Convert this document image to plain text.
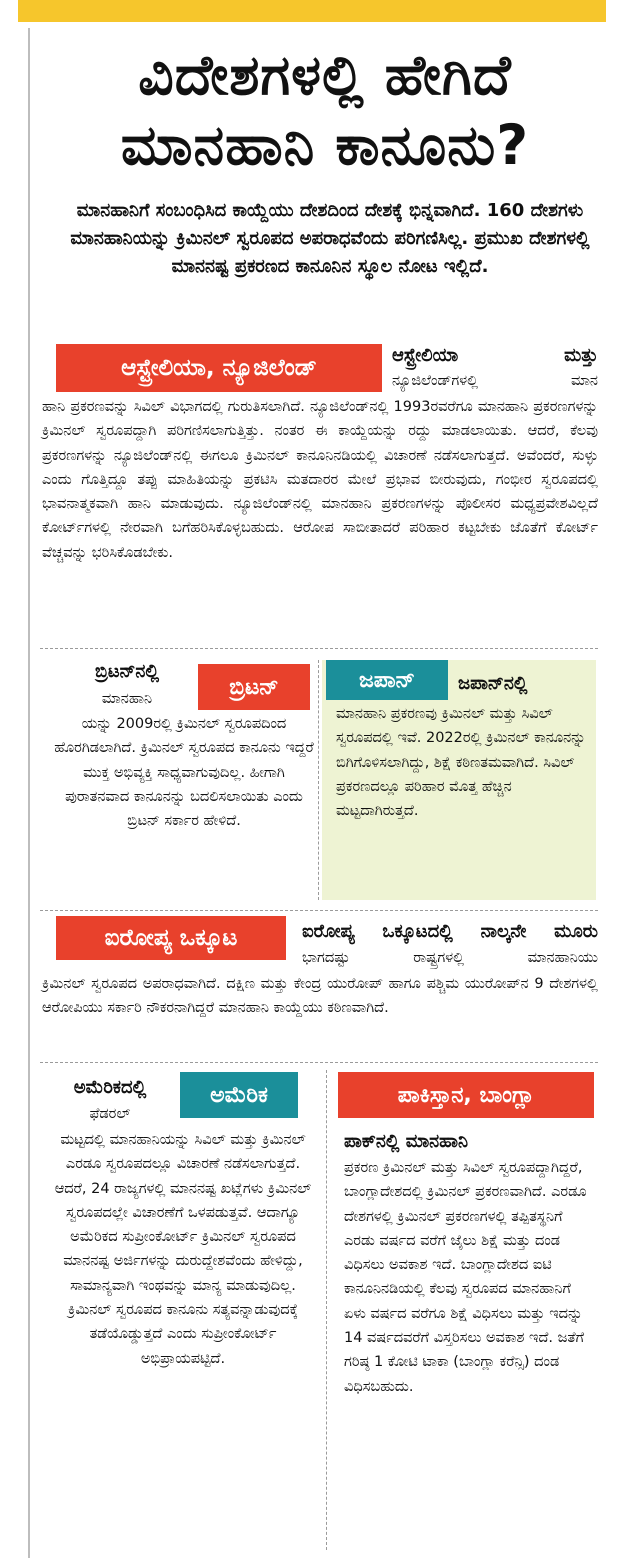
ವಿದೇಶಗಳಲ್ಲಿ ಹೇಗಿದೆ
ಮಾನಹಾನಿ ಕಾನೂನು?

ಮಾನಹಾನಿಗೆ ಸಂಬಂಧಿಸಿದ ಕಾಯ್ದೆಯು ದೇಶದಿಂದ ದೇಶಕ್ಕೆ ಭಿನ್ನವಾಗಿದೆ. 160 ದೇಶಗಳು ಮಾನಹಾನಿಯನ್ನು ಕ್ರಿಮಿನಲ್ ಸ್ವರೂಪದ ಅಪರಾಧವೆಂದು ಪರಿಗಣಿಸಿಲ್ಲ. ಪ್ರಮುಖ ದೇಶಗಳಲ್ಲಿ ಮಾನನಷ್ಟ ಪ್ರಕರಣದ ಕಾನೂನಿನ ಸ್ಥೂಲ ನೋಟ ಇಲ್ಲಿದೆ.

ಆಸ್ಟ್ರೇಲಿಯಾ, ನ್ಯೂಜಿಲೆಂಡ್	ಆಸ್ಟ್ರೇಲಿಯಾ ಮತ್ತು

ನ್ಯೂಜಿಲೆಂಡ್‌ಗಳಲ್ಲಿ ಮಾನ

ಹಾನಿ ಪ್ರಕರಣವನ್ನು ಸಿವಿಲ್ ವಿಭಾಗದಲ್ಲಿ ಗುರುತಿಸಲಾಗಿದೆ. ನ್ಯೂಜಿಲೆಂಡ್‌ನಲ್ಲಿ 1993ರವರೆಗೂ ಮಾನಹಾನಿ ಪ್ರಕರಣಗಳನ್ನು ಕ್ರಿಮಿನಲ್ ಸ್ವರೂಪದ್ದಾಗಿ ಪರಿಗಣಿಸಲಾಗುತ್ತಿತ್ತು. ನಂತರ ಈ ಕಾಯ್ದೆಯನ್ನು ರದ್ದು ಮಾಡಲಾಯಿತು. ಆದರೆ, ಕೆಲವು ಪ್ರಕರಣಗಳನ್ನು ನ್ಯೂಜಿಲೆಂಡ್‌ನಲ್ಲಿ ಈಗಲೂ ಕ್ರಿಮಿನಲ್ ಕಾನೂನಿನಡಿಯಲ್ಲಿ ವಿಚಾರಣೆ ನಡೆಸಲಾಗುತ್ತದೆ. ಅವೆಂದರೆ, ಸುಳ್ಳು ಎಂದು ಗೊತ್ತಿದ್ದೂ ತಪ್ಪು ಮಾಹಿತಿಯನ್ನು ಪ್ರಕಟಿಸಿ ಮತದಾರರ ಮೇಲೆ ಪ್ರಭಾವ ಬೀರುವುದು, ಗಂಭೀರ ಸ್ವರೂಪದಲ್ಲಿ ಭಾವನಾತ್ಮಕವಾಗಿ ಹಾನಿ ಮಾಡುವುದು. ನ್ಯೂಜಿಲೆಂಡ್‌ನಲ್ಲಿ ಮಾನಹಾನಿ ಪ್ರಕರಣಗಳನ್ನು ಪೊಲೀಸರ ಮಧ್ಯಪ್ರವೇಶವಿಲ್ಲದೆ ಕೋರ್ಟ್‌ಗಳಲ್ಲಿ ನೇರವಾಗಿ ಬಗೆಹರಿಸಿಕೊಳ್ಳಬಹುದು. ಆರೋಪ ಸಾಬೀತಾದರೆ ಪರಿಹಾರ ಕಟ್ಟಬೇಕು ಜೊತೆಗೆ ಕೋರ್ಟ್ ವೆಚ್ಚವನ್ನು ಭರಿಸಿಕೊಡಬೇಕು.

ಬ್ರಿಟನ್

ಬ್ರಿಟನ್‌ನಲ್ಲಿ

ಮಾನಹಾನಿ

ಯನ್ನು 2009ರಲ್ಲಿ ಕ್ರಿಮಿನಲ್ ಸ್ವರೂಪದಿಂದ ಹೊರಗಿಡಲಾಗಿದೆ. ಕ್ರಿಮಿನಲ್ ಸ್ವರೂಪದ ಕಾನೂನು ಇದ್ದರೆ ಮುಕ್ತ ಅಭಿವ್ಯಕ್ತಿ ಸಾಧ್ಯವಾಗುವುದಿಲ್ಲ. ಹೀಗಾಗಿ ಪುರಾತನವಾದ ಕಾನೂನನ್ನು ಬದಲಿಸಲಾಯಿತು ಎಂದು ಬ್ರಿಟನ್ ಸರ್ಕಾರ ಹೇಳಿದೆ.

ಜಪಾನ್	ಜಪಾನ್‌ನಲ್ಲಿ

ಮಾನಹಾನಿ ಪ್ರಕರಣವು ಕ್ರಿಮಿನಲ್ ಮತ್ತು ಸಿವಿಲ್ ಸ್ವರೂಪದಲ್ಲಿ ಇವೆ. 2022ರಲ್ಲಿ ಕ್ರಿಮಿನಲ್ ಕಾನೂನನ್ನು ಬಿಗಿಗೊಳಿಸಲಾಗಿದ್ದು, ಶಿಕ್ಷೆ ಕಠಿಣತಮವಾಗಿದೆ. ಸಿವಿಲ್ ಪ್ರಕರಣದಲ್ಲೂ ಪರಿಹಾರ ಮೊತ್ತ ಹೆಚ್ಚಿನ ಮಟ್ಟದಾಗಿರುತ್ತದೆ.

ಐರೋಪ್ಯ ಒಕ್ಕೂಟ	ಐರೋಪ್ಯ ಒಕ್ಕೂಟದಲ್ಲಿ ನಾಲ್ಕನೇ ಮೂರು

ಭಾಗದಷ್ಟು ರಾಷ್ಟ್ರಗಳಲ್ಲಿ ಮಾನಹಾನಿಯು

ಕ್ರಿಮಿನಲ್ ಸ್ವರೂಪದ ಅಪರಾಧವಾಗಿದೆ. ದಕ್ಷಿಣ ಮತ್ತು ಕೇಂದ್ರ ಯುರೋಪ್ ಹಾಗೂ ಪಶ್ಚಿಮ ಯುರೋಪ್‌ನ 9 ದೇಶಗಳಲ್ಲಿ ಆರೋಪಿಯು ಸರ್ಕಾರಿ ನೌಕರನಾಗಿದ್ದರೆ ಮಾನಹಾನಿ ಕಾಯ್ದೆಯು ಕಠಿಣವಾಗಿದೆ.

ಅಮೆರಿಕದಲ್ಲಿ

ಫೆಡರಲ್

ಅಮೆರಿಕ

ಮಟ್ಟದಲ್ಲಿ ಮಾನಹಾನಿಯನ್ನು ಸಿವಿಲ್ ಮತ್ತು ಕ್ರಿಮಿನಲ್ ಎರಡೂ ಸ್ವರೂಪದಲ್ಲೂ ವಿಚಾರಣೆ ನಡೆಸಲಾಗುತ್ತದೆ. ಆದರೆ, 24 ರಾಜ್ಯಗಳಲ್ಲಿ ಮಾನನಷ್ಟ ಖಟ್ಲೆಗಳು ಕ್ರಿಮಿನಲ್ ಸ್ವರೂಪದಲ್ಲೇ ವಿಚಾರಣೆಗೆ ಒಳಪಡುತ್ತವೆ. ಆದಾಗ್ಯೂ ಅಮೆರಿಕದ ಸುಪ್ರೀಂಕೋರ್ಟ್ ಕ್ರಿಮಿನಲ್ ಸ್ವರೂಪದ ಮಾನನಷ್ಟ ಅರ್ಜಿಗಳನ್ನು ದುರುದ್ದೇಶವೆಂದು ಹೇಳಿದ್ದು, ಸಾಮಾನ್ಯವಾಗಿ ಇಂಥವನ್ನು ಮಾನ್ಯ ಮಾಡುವುದಿಲ್ಲ. ಕ್ರಿಮಿನಲ್ ಸ್ವರೂಪದ ಕಾನೂನು ಸತ್ಯವನ್ನಾಡುವುದಕ್ಕೆ ತಡೆಯೊಡ್ಡುತ್ತದೆ ಎಂದು ಸುಪ್ರೀಂಕೋರ್ಟ್ ಅಭಿಪ್ರಾಯಪಟ್ಟಿದೆ.

ಪಾಕಿಸ್ತಾನ, ಬಾಂಗ್ಲಾ

ಪಾಕ್‌ನಲ್ಲಿ ಮಾನಹಾನಿ

ಪ್ರಕರಣ ಕ್ರಿಮಿನಲ್ ಮತ್ತು ಸಿವಿಲ್ ಸ್ವರೂಪದ್ದಾಗಿದ್ದರೆ, ಬಾಂಗ್ಲಾದೇಶದಲ್ಲಿ ಕ್ರಿಮಿನಲ್ ಪ್ರಕರಣವಾಗಿದೆ. ಎರಡೂ ದೇಶಗಳಲ್ಲಿ ಕ್ರಿಮಿನಲ್ ಪ್ರಕರಣಗಳಲ್ಲಿ ತಪ್ಪಿತಸ್ಥನಿಗೆ ಎರಡು ವರ್ಷದ ವರೆಗೆ ಜೈಲು ಶಿಕ್ಷೆ ಮತ್ತು ದಂಡ ವಿಧಿಸಲು ಅವಕಾಶ ಇದೆ. ಬಾಂಗ್ಲಾದೇಶದ ಐಟಿ ಕಾನೂನಿನಡಿಯಲ್ಲಿ ಕೆಲವು ಸ್ವರೂಪದ ಮಾನಹಾನಿಗೆ ಏಳು ವರ್ಷದ ವರೆಗೂ ಶಿಕ್ಷೆ ವಿಧಿಸಲು ಮತ್ತು ಇದನ್ನು 14 ವರ್ಷದವರೆಗೆ ವಿಸ್ತರಿಸಲು ಅವಕಾಶ ಇದೆ. ಜತೆಗೆ ಗರಿಷ್ಠ 1 ಕೋಟಿ ಟಾಕಾ (ಬಾಂಗ್ಲಾ ಕರೆನ್ಸಿ) ದಂಡ ವಿಧಿಸಬಹುದು.
